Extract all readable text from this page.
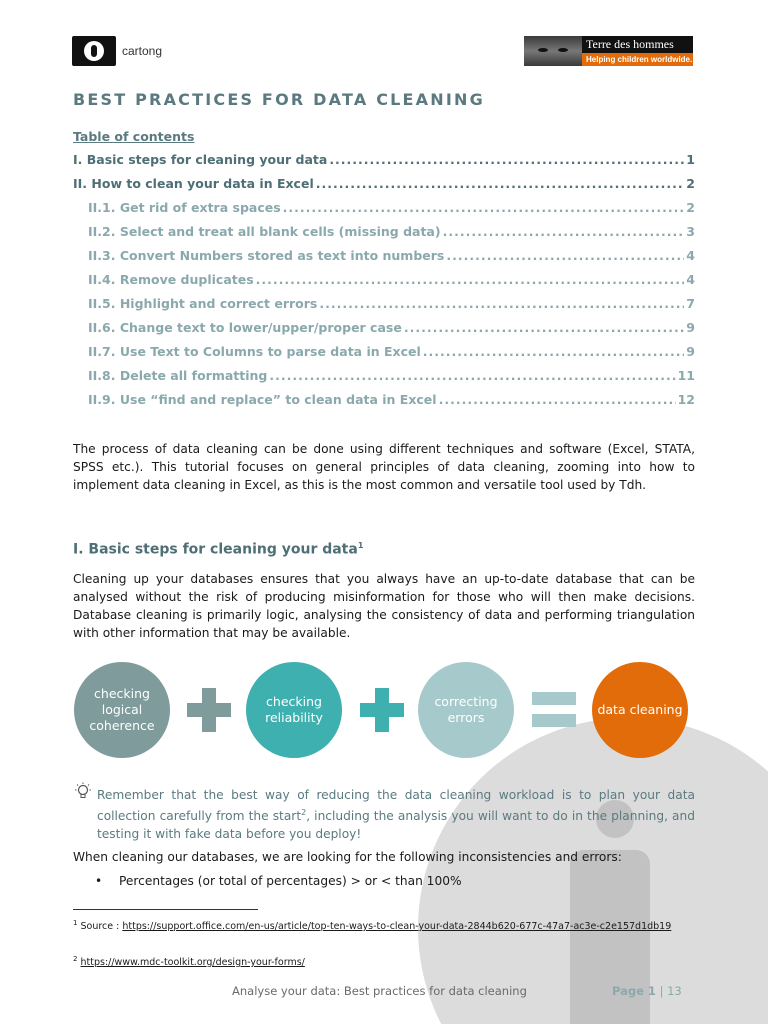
cartong	Terre des hommes
Helping children worldwide.
BEST PRACTICES FOR DATA CLEANING
Table of contents
I. Basic steps for cleaning your data .....	1
II. How to clean your data in Excel .....	2
II.1. Get rid of extra spaces .....	2
II.2. Select and treat all blank cells (missing data) .....	3
II.3. Convert Numbers stored as text into numbers .....	4
II.4. Remove duplicates .....	4
II.5. Highlight and correct errors .....	7
II.6. Change text to lower/upper/proper case .....	9
II.7. Use Text to Columns to parse data in Excel .....	9
II.8. Delete all formatting .....	11
II.9. Use “find and replace” to clean data in Excel .....	12

The process of data cleaning can be done using different techniques and software (Excel, STATA, SPSS etc.). This tutorial focuses on general principles of data cleaning, zooming into how to implement data cleaning in Excel, as this is the most common and versatile tool used by Tdh.

I. Basic steps for cleaning your data$^1$

Cleaning up your databases ensures that you always have an up-to-date database that can be analysed without the risk of producing misinformation for those who will then make decisions. Database cleaning is primarily logic, analysing the consistency of data and performing triangulation with other information that may be available.

checking logical coherence
checking reliability
correcting errors
data cleaning

Remember that the best way of reducing the data cleaning workload is to plan your data collection carefully from the start$^2$, including the analysis you will want to do in the planning, and testing it with fake data before you deploy!

When cleaning our databases, we are looking for the following inconsistencies and errors:

•	Percentages (or total of percentages) > or < than 100%
$^1$ Source : https://support.office.com/en-us/article/top-ten-ways-to-clean-your-data-2844b620-677c-47a7-ac3e-c2e157d1db19
$^2$ https://www.mdc-toolkit.org/design-your-forms/
Analyse your data: Best practices for data cleaning	Page 1 | 13
